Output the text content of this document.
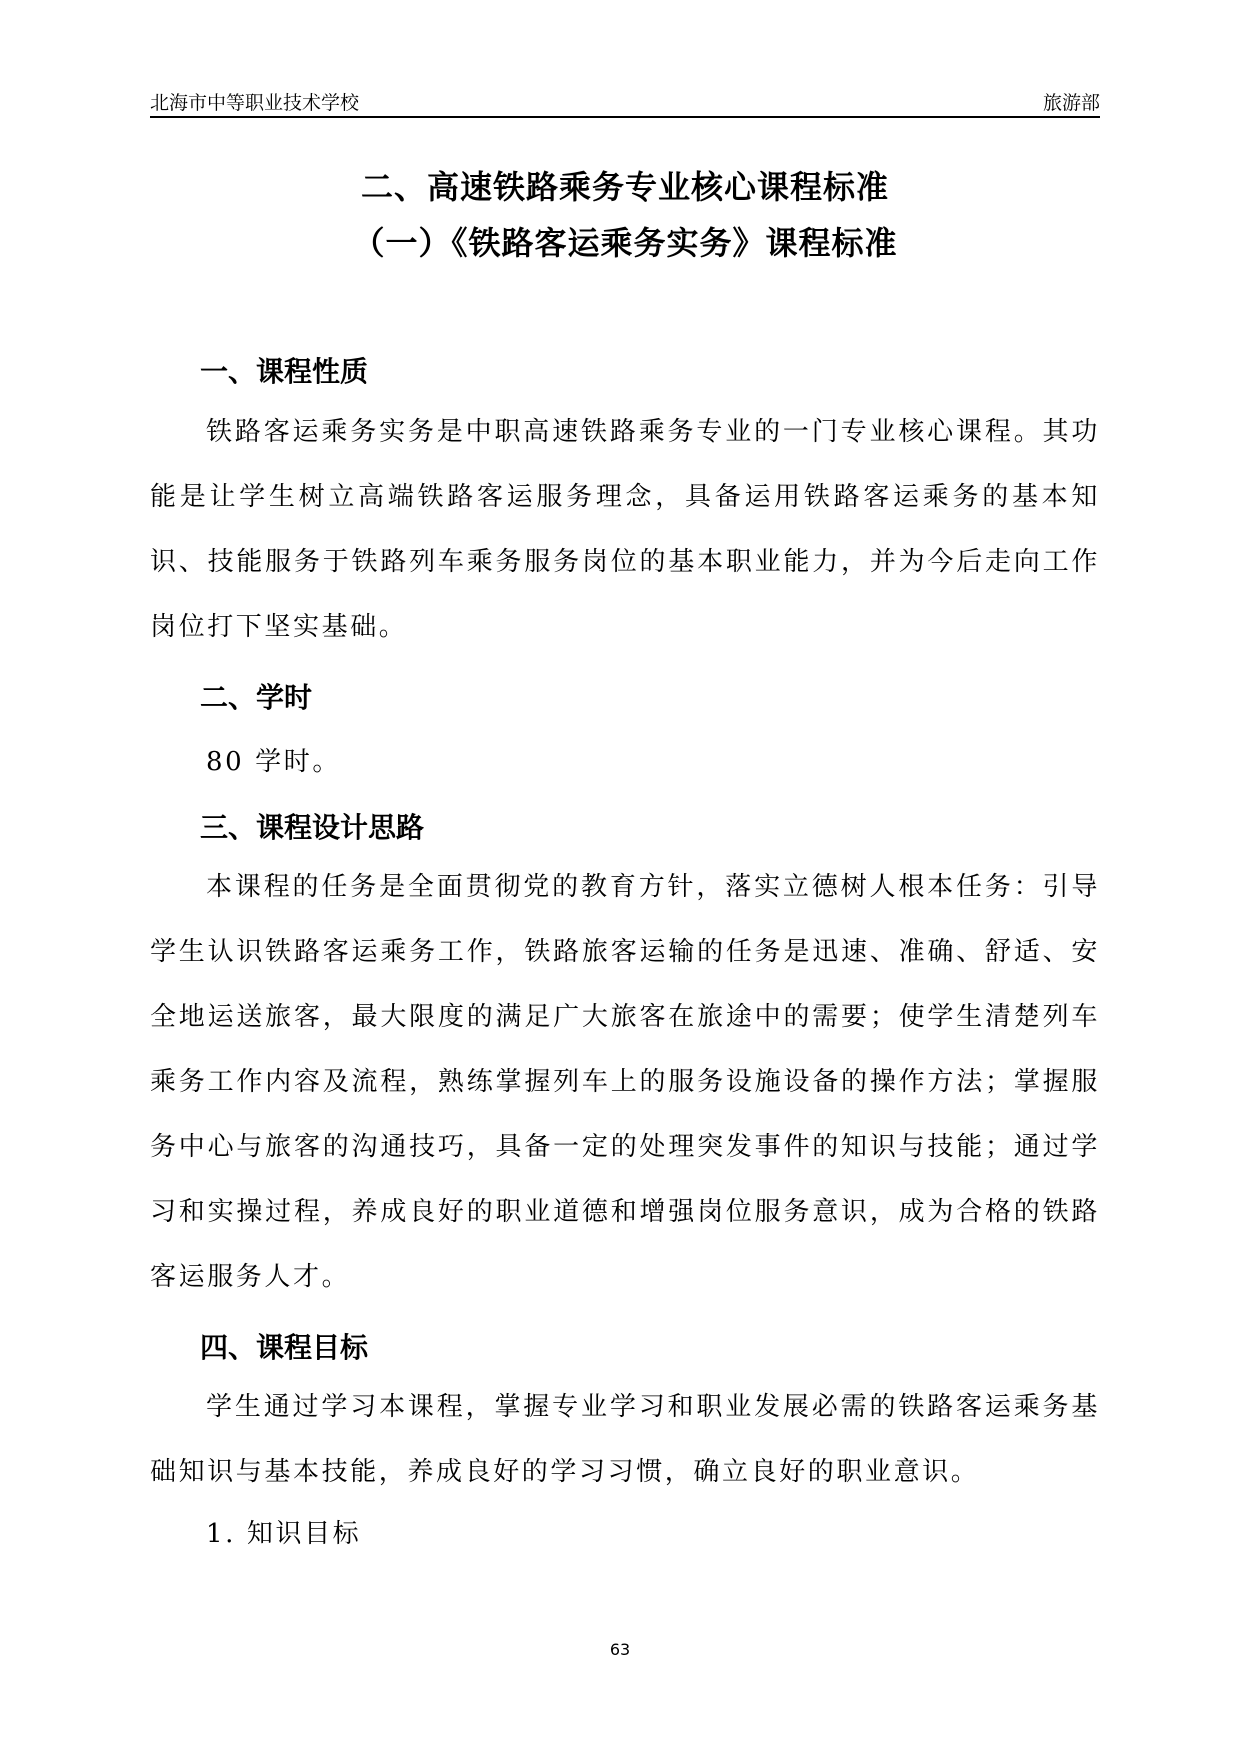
北海市中等职业技术学校	旅游部
二、高速铁路乘务专业核心课程标准
（一）《铁路客运乘务实务》课程标准
一、课程性质
铁路客运乘务实务是中职高速铁路乘务专业的一门专业核心课程。其功能是让学生树立高端铁路客运服务理念，具备运用铁路客运乘务的基本知识、技能服务于铁路列车乘务服务岗位的基本职业能力，并为今后走向工作岗位打下坚实基础。
二、学时
80 学时。
三、课程设计思路
本课程的任务是全面贯彻党的教育方针，落实立德树人根本任务：引导学生认识铁路客运乘务工作，铁路旅客运输的任务是迅速、准确、舒适、安全地运送旅客，最大限度的满足广大旅客在旅途中的需要；使学生清楚列车乘务工作内容及流程，熟练掌握列车上的服务设施设备的操作方法；掌握服务中心与旅客的沟通技巧，具备一定的处理突发事件的知识与技能；通过学习和实操过程，养成良好的职业道德和增强岗位服务意识，成为合格的铁路客运服务人才。
四、课程目标
学生通过学习本课程，掌握专业学习和职业发展必需的铁路客运乘务基础知识与基本技能，养成良好的学习习惯，确立良好的职业意识。
1. 知识目标
63
